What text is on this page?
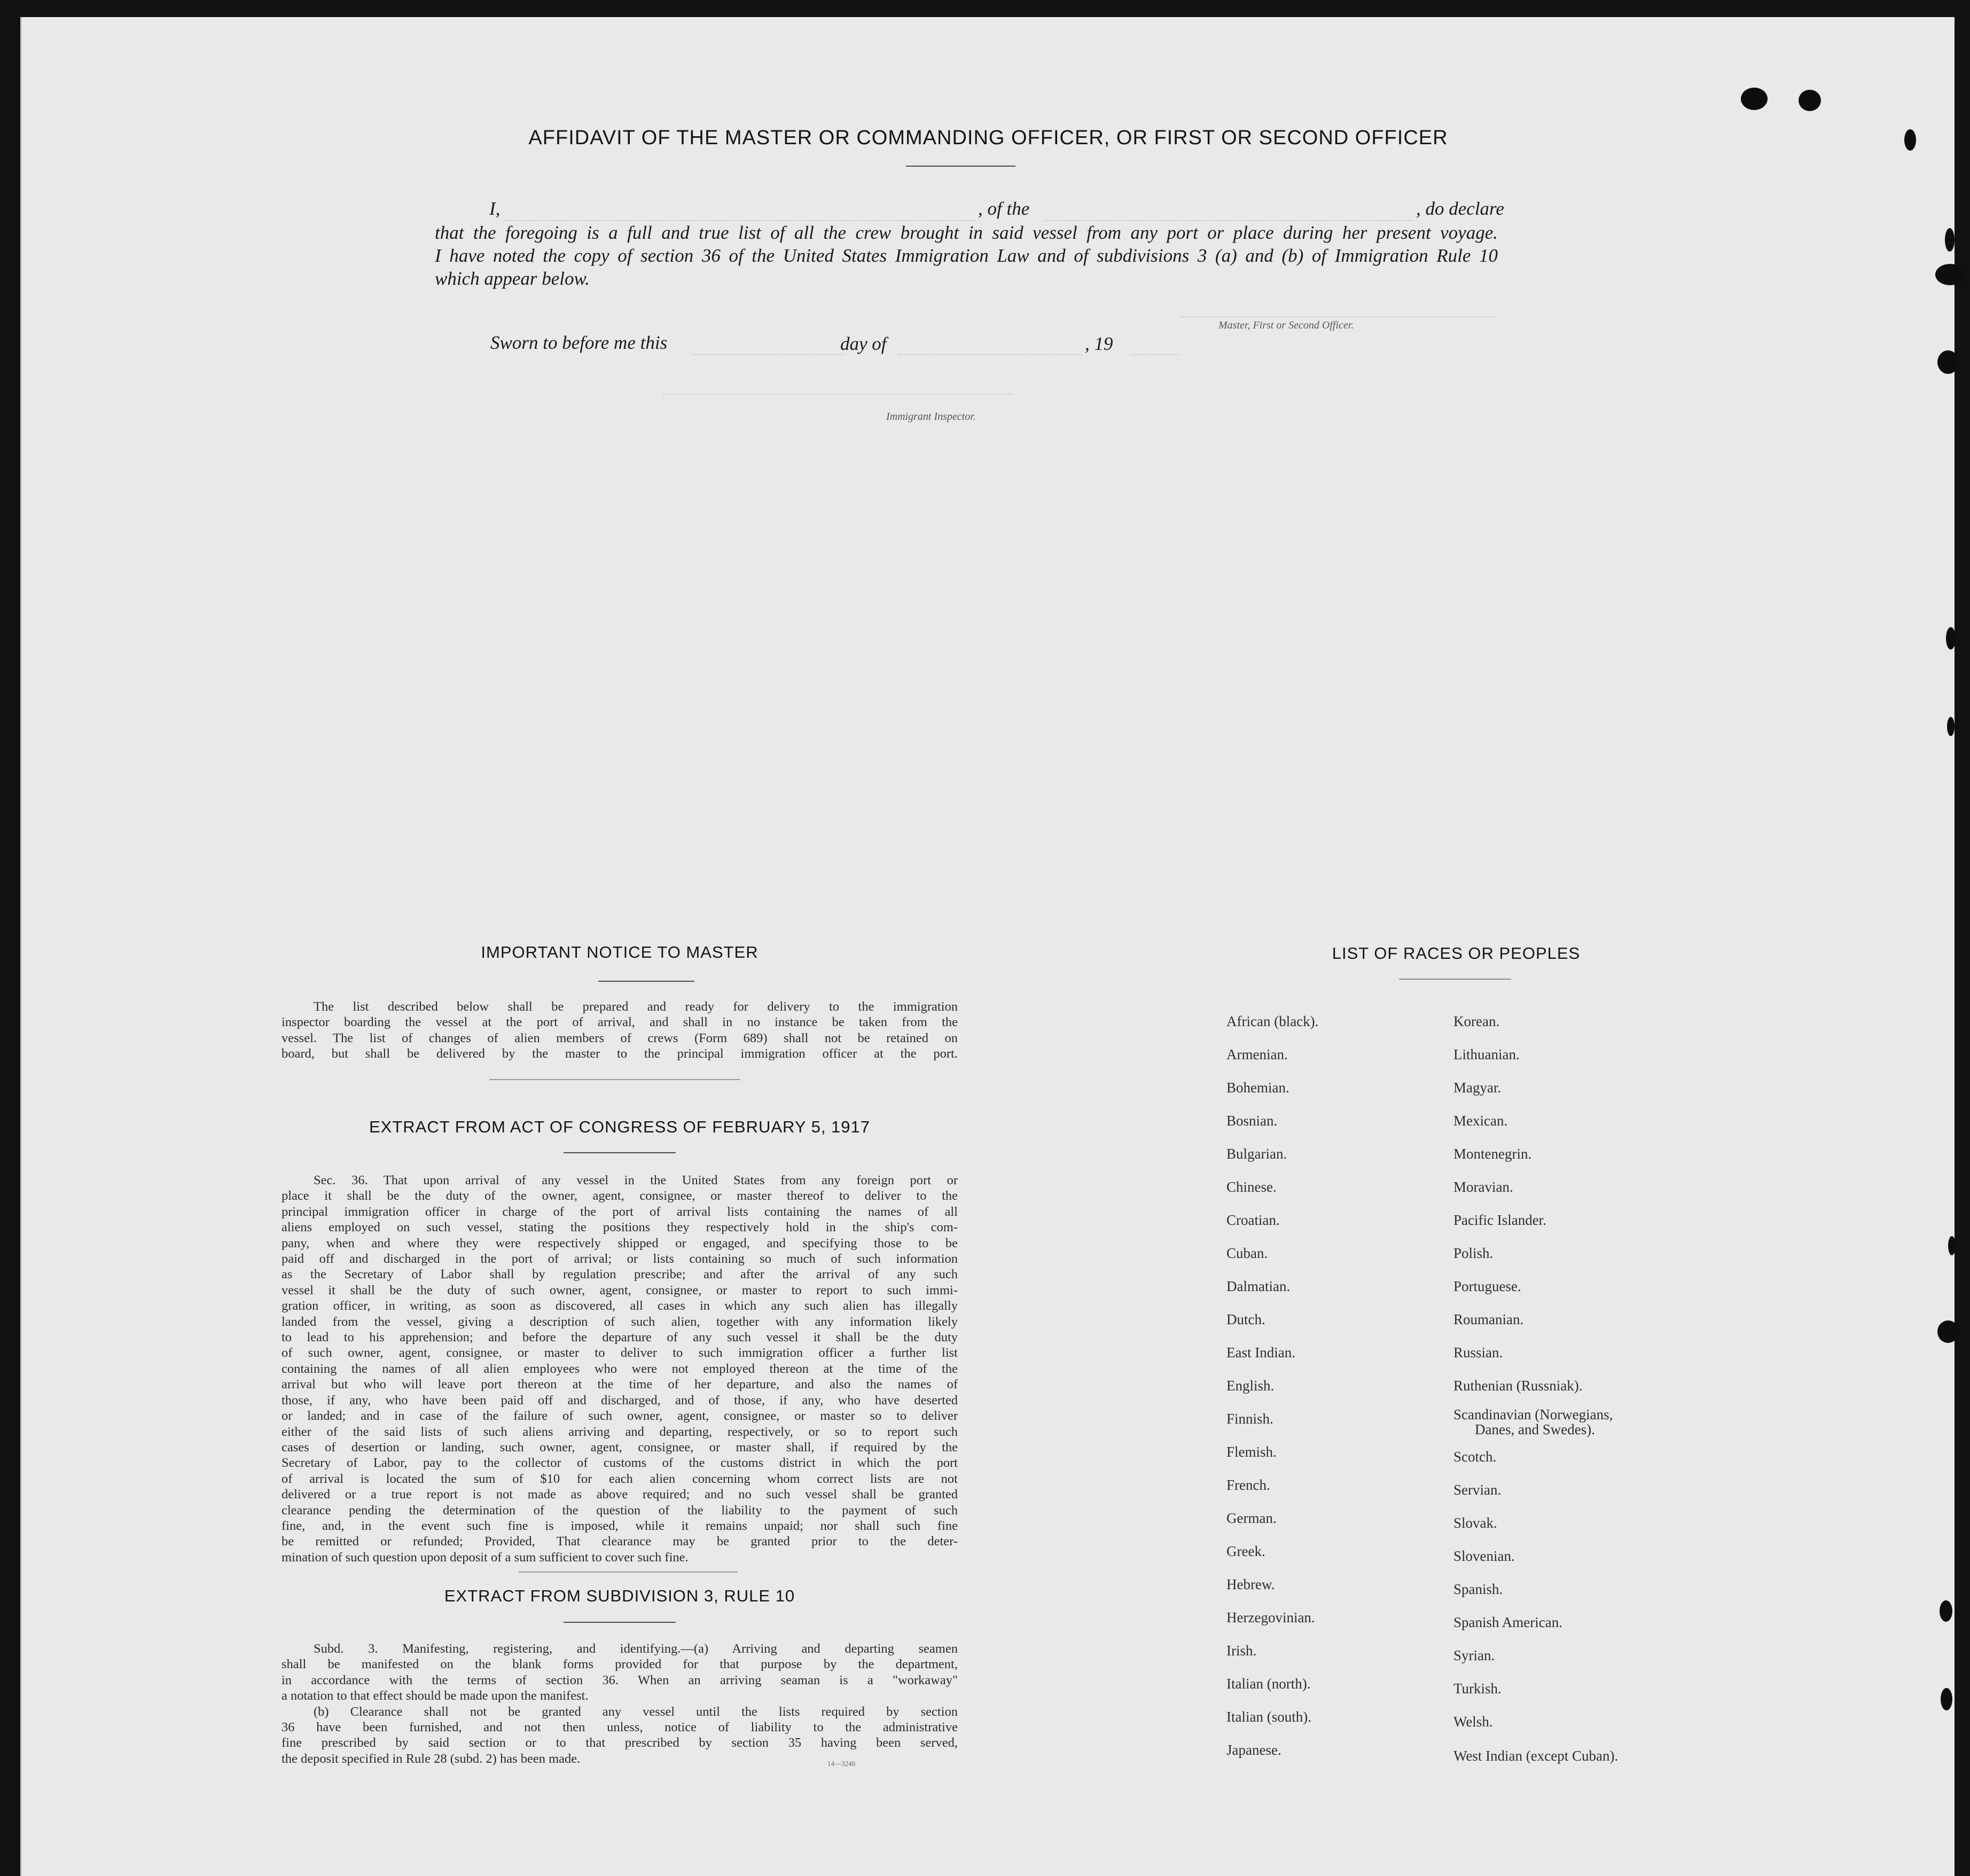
AFFIDAVIT OF THE MASTER OR COMMANDING OFFICER, OR FIRST OR SECOND OFFICER
I,	, of the	, do declare
that the foregoing is a full and true list of all the crew brought in said vessel from any port or place during her present voyage.
I have noted the copy of section 36 of the United States Immigration Law and of subdivisions 3 (a) and (b) of Immigration Rule 10
which appear below.
Master, First or Second Officer.
Sworn to before me this	day of	, 19
Immigrant Inspector.
IMPORTANT NOTICE TO MASTER
The list described below shall be prepared and ready for delivery to the immigration
inspector boarding the vessel at the port of arrival, and shall in no instance be taken from the
vessel. The list of changes of alien members of crews (Form 689) shall not be retained on
board, but shall be delivered by the master to the principal immigration officer at the port.
EXTRACT FROM ACT OF CONGRESS OF FEBRUARY 5, 1917
Sec. 36. That upon arrival of any vessel in the United States from any foreign port or
place it shall be the duty of the owner, agent, consignee, or master thereof to deliver to the
principal immigration officer in charge of the port of arrival lists containing the names of all
aliens employed on such vessel, stating the positions they respectively hold in the ship's com-
pany, when and where they were respectively shipped or engaged, and specifying those to be
paid off and discharged in the port of arrival; or lists containing so much of such information
as the Secretary of Labor shall by regulation prescribe; and after the arrival of any such
vessel it shall be the duty of such owner, agent, consignee, or master to report to such immi-
gration officer, in writing, as soon as discovered, all cases in which any such alien has illegally
landed from the vessel, giving a description of such alien, together with any information likely
to lead to his apprehension; and before the departure of any such vessel it shall be the duty
of such owner, agent, consignee, or master to deliver to such immigration officer a further list
containing the names of all alien employees who were not employed thereon at the time of the
arrival but who will leave port thereon at the time of her departure, and also the names of
those, if any, who have been paid off and discharged, and of those, if any, who have deserted
or landed; and in case of the failure of such owner, agent, consignee, or master so to deliver
either of the said lists of such aliens arriving and departing, respectively, or so to report such
cases of desertion or landing, such owner, agent, consignee, or master shall, if required by the
Secretary of Labor, pay to the collector of customs of the customs district in which the port
of arrival is located the sum of $10 for each alien concerning whom correct lists are not
delivered or a true report is not made as above required; and no such vessel shall be granted
clearance pending the determination of the question of the liability to the payment of such
fine, and, in the event such fine is imposed, while it remains unpaid; nor shall such fine
be remitted or refunded; Provided, That clearance may be granted prior to the deter-
mination of such question upon deposit of a sum sufficient to cover such fine.
EXTRACT FROM SUBDIVISION 3, RULE 10
Subd. 3. Manifesting, registering, and identifying.—(a) Arriving and departing seamen
shall be manifested on the blank forms provided for that purpose by the department,
in accordance with the terms of section 36. When an arriving seaman is a "workaway"
a notation to that effect should be made upon the manifest.
(b) Clearance shall not be granted any vessel until the lists required by section
36 have been furnished, and not then unless, notice of liability to the administrative
fine prescribed by said section or to that prescribed by section 35 having been served,
the deposit specified in Rule 28 (subd. 2) has been made.	14—3240
LIST OF RACES OR PEOPLES
African (black).
Armenian.
Bohemian.
Bosnian.
Bulgarian.
Chinese.
Croatian.
Cuban.
Dalmatian.
Dutch.
East Indian.
English.
Finnish.
Flemish.
French.
German.
Greek.
Hebrew.
Herzegovinian.
Irish.
Italian (north).
Italian (south).
Japanese.
Korean.
Lithuanian.
Magyar.
Mexican.
Montenegrin.
Moravian.
Pacific Islander.
Polish.
Portuguese.
Roumanian.
Russian.
Ruthenian (Russniak).
Scandinavian (Norwegians,
Danes, and Swedes).
Scotch.
Servian.
Slovak.
Slovenian.
Spanish.
Spanish American.
Syrian.
Turkish.
Welsh.
West Indian (except Cuban).
